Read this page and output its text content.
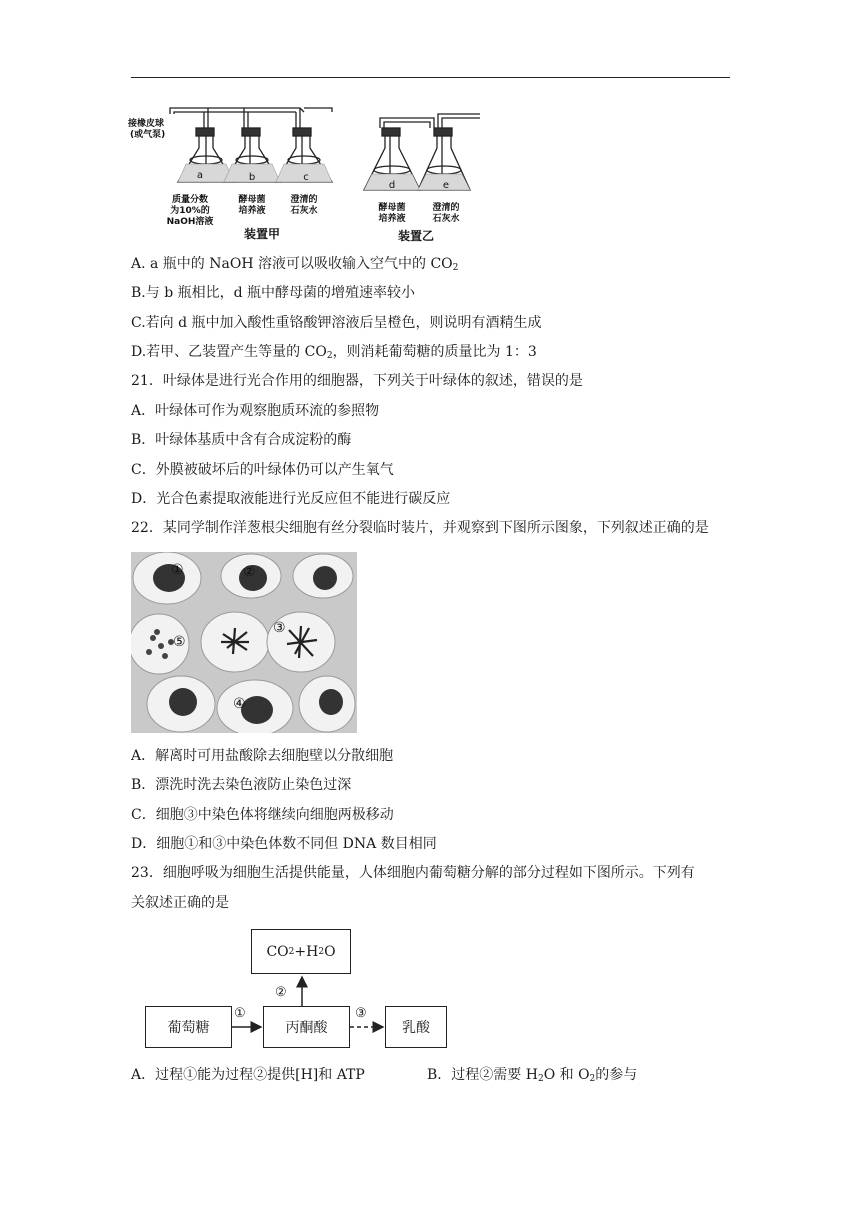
a	b	c
d	e
接橡皮球
(或气泵)
质量分数
为10%的
NaOH溶液
酵母菌
培养液
澄清的
石灰水	酵母菌
培养液
澄清的
石灰水
装置甲	装置乙
A. a 瓶中的 NaOH 溶液可以吸收输入空气中的 $CO_2$
B.与 b 瓶相比，d 瓶中酵母菌的增殖速率较小
C.若向 d 瓶中加入酸性重铬酸钾溶液后呈橙色，则说明有酒精生成
D.若甲、乙装置产生等量的 $CO_2$，则消耗葡萄糖的质量比为 1：3
21．叶绿体是进行光合作用的细胞器，下列关于叶绿体的叙述，错误的是
A．叶绿体可作为观察胞质环流的参照物
B．叶绿体基质中含有合成淀粉的酶
C．外膜被破坏后的叶绿体仍可以产生氧气
D．光合色素提取液能进行光反应但不能进行碳反应
22．某同学制作洋葱根尖细胞有丝分裂临时装片，并观察到下图所示图象，下列叙述正确的是
①	②
③
④
⑤
A．解离时可用盐酸除去细胞壁以分散细胞
B．漂洗时洗去染色液防止染色过深
C．细胞③中染色体将继续向细胞两极移动
D．细胞①和③中染色体数不同但 DNA 数目相同
23．细胞呼吸为细胞生活提供能量，人体细胞内葡萄糖分解的部分过程如下图所示。下列有
关叙述正确的是
CO 2 +H 2 O
葡萄糖	丙酮酸	乳酸
①
②
③
A．过程①能为过程②提供[H]和 ATP	B．过程②需要 $H_2O$ 和 $O_2$的参与
